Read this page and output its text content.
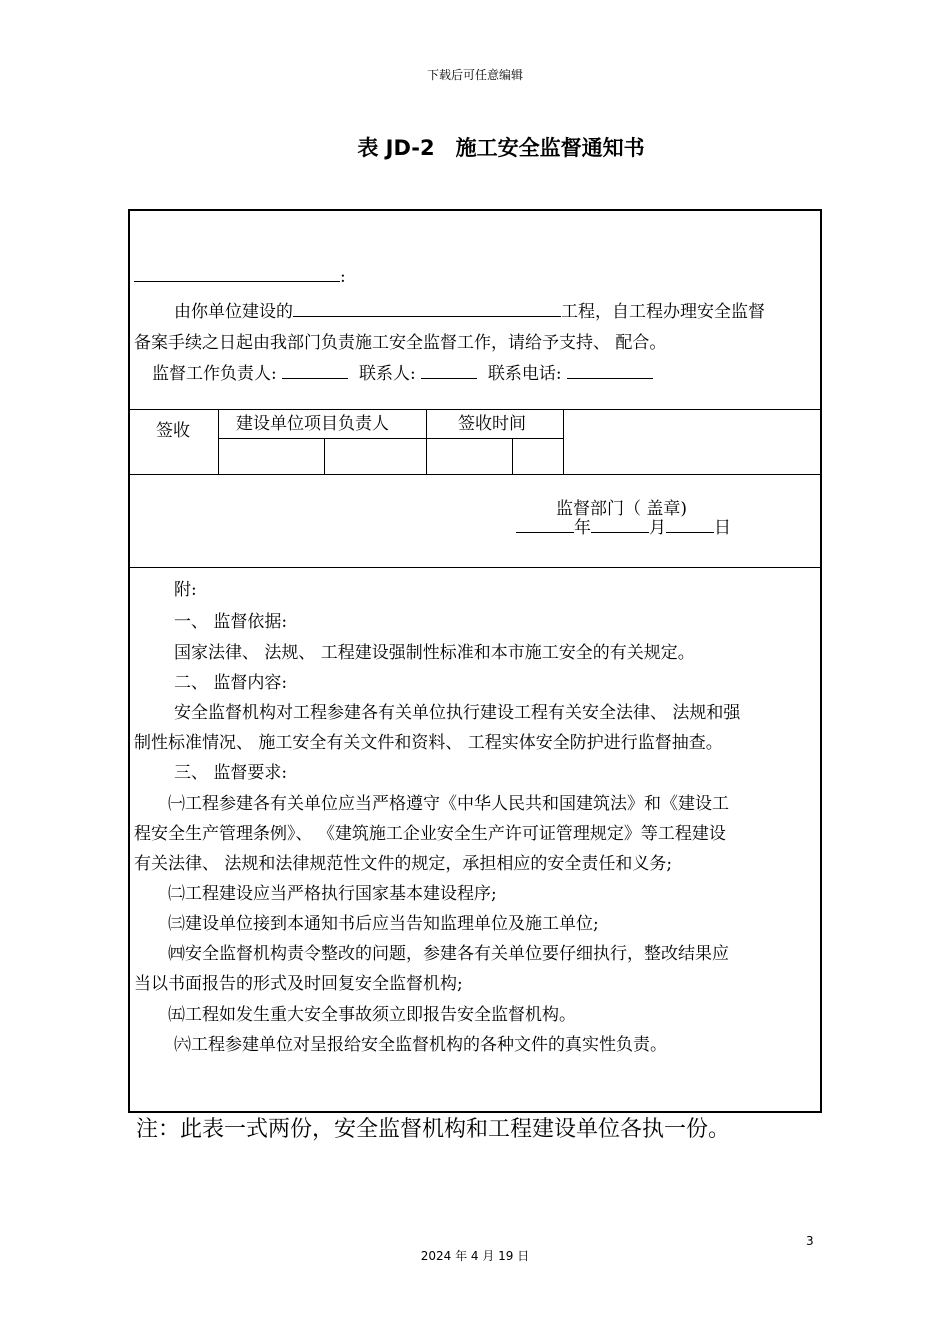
下载后可任意编辑
表 JD-2　施工安全监督通知书
:
由你单位建设的	工程，自工程办理安全监督
备案手续之日起由我部门负责施工安全监督工作，请给予支持、 配合。
监督工作负责人:	联系人:	联系电话:
签收	建设单位项目负责人	签收时间
监督部门（ 盖章)
年	月	日
附:
一、 监督依据:
国家法律、 法规、 工程建设强制性标准和本市施工安全的有关规定。
二、 监督内容:
安全监督机构对工程参建各有关单位执行建设工程有关安全法律、 法规和强
制性标准情况、 施工安全有关文件和资料、 工程实体安全防护进行监督抽查。
三、 监督要求:
㈠工程参建各有关单位应当严格遵守《中华人民共和国建筑法》和《建设工
程安全生产管理条例》、 《建筑施工企业安全生产许可证管理规定》等工程建设
有关法律、 法规和法律规范性文件的规定，承担相应的安全责任和义务;
㈡工程建设应当严格执行国家基本建设程序;
㈢建设单位接到本通知书后应当告知监理单位及施工单位;
㈣安全监督机构责令整改的问题，参建各有关单位要仔细执行，整改结果应
当以书面报告的形式及时回复安全监督机构;
㈤工程如发生重大安全事故须立即报告安全监督机构。
㈥工程参建单位对呈报给安全监督机构的各种文件的真实性负责。
注：此表一式两份，安全监督机构和工程建设单位各执一份。
3
2024 年 4 月 19 日
